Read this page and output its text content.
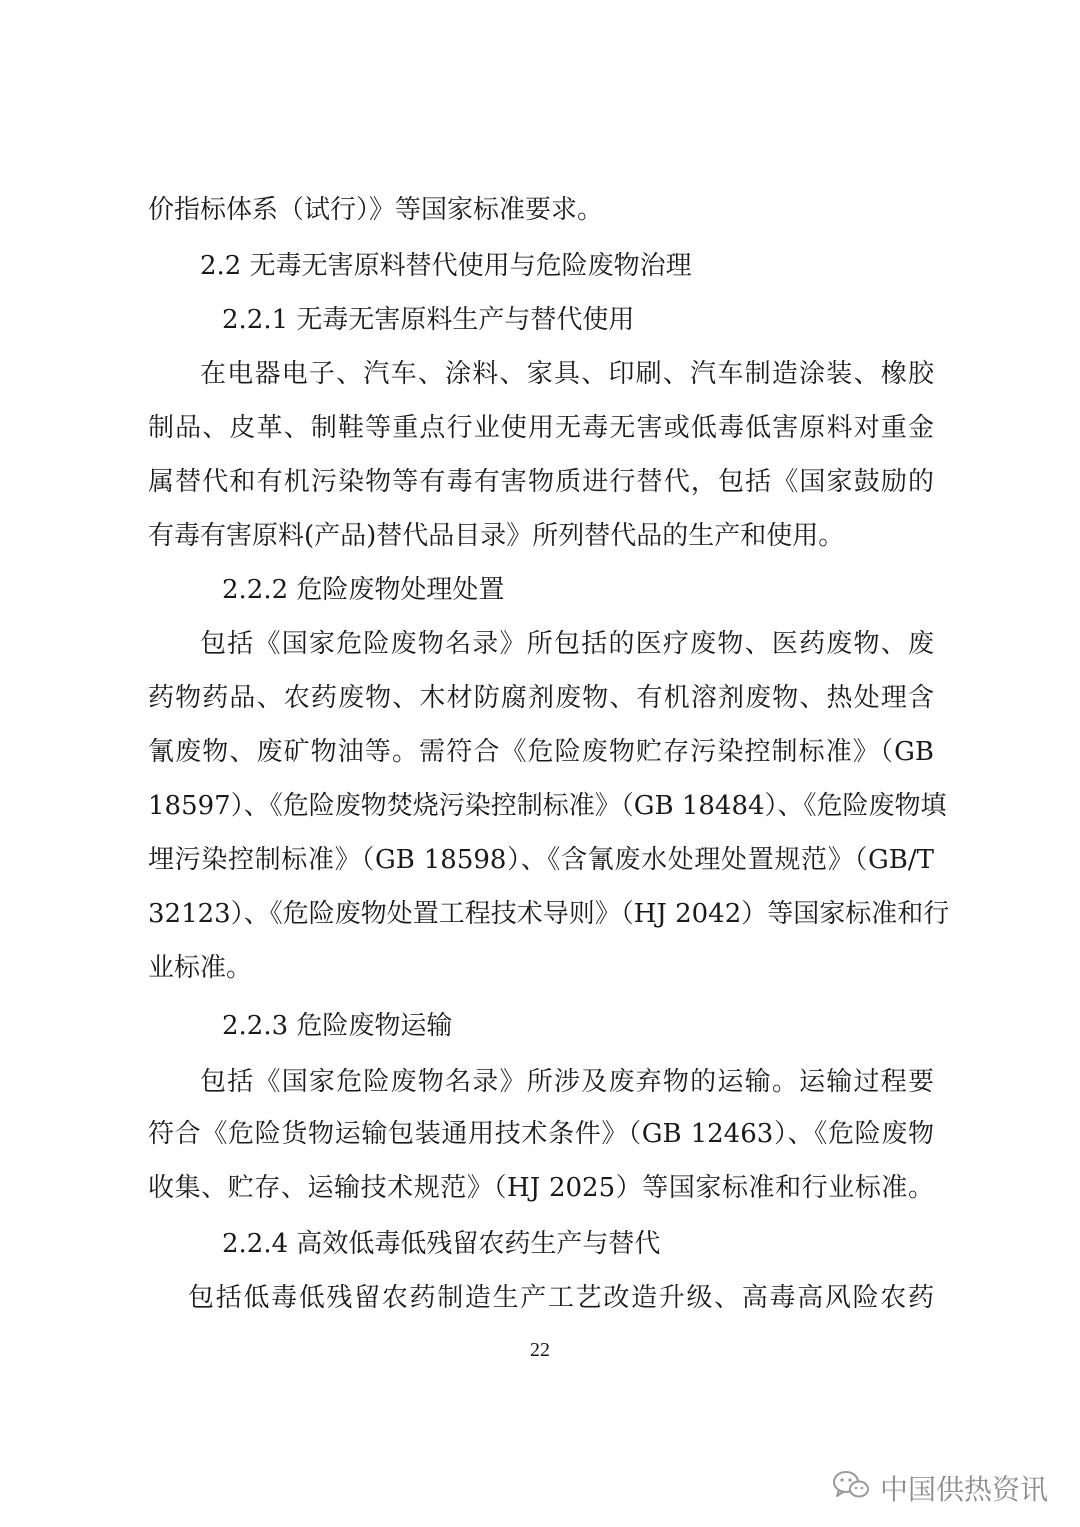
价指标体系（试行）》等国家标准要求。
2.2 无毒无害原料替代使用与危险废物治理
2.2.1 无毒无害原料生产与替代使用
在电器电子、汽车、涂料、家具、印刷、汽车制造涂装、橡胶
制品、皮革、制鞋等重点行业使用无毒无害或低毒低害原料对重金
属替代和有机污染物等有毒有害物质进行替代，包括《国家鼓励的
有毒有害原料(产品)替代品目录》所列替代品的生产和使用。
2.2.2 危险废物处理处置
包括《国家危险废物名录》所包括的医疗废物、医药废物、废
药物药品、农药废物、木材防腐剂废物、有机溶剂废物、热处理含
氰废物、废矿物油等。需符合《危险废物贮存污染控制标准》（GB
18597）、《危险废物焚烧污染控制标准》（GB 18484）、《危险废物填
埋污染控制标准》（GB 18598）、《含氰废水处理处置规范》（GB/T
32123）、《危险废物处置工程技术导则》（HJ 2042）等国家标准和行
业标准。
2.2.3 危险废物运输
包括《国家危险废物名录》所涉及废弃物的运输。运输过程要
符合《危险货物运输包装通用技术条件》（GB 12463）、《危险废物
收集、贮存、运输技术规范》（HJ 2025）等国家标准和行业标准。
2.2.4 高效低毒低残留农药生产与替代
包括低毒低残留农药制造生产工艺改造升级、高毒高风险农药
22
中国供热资讯
